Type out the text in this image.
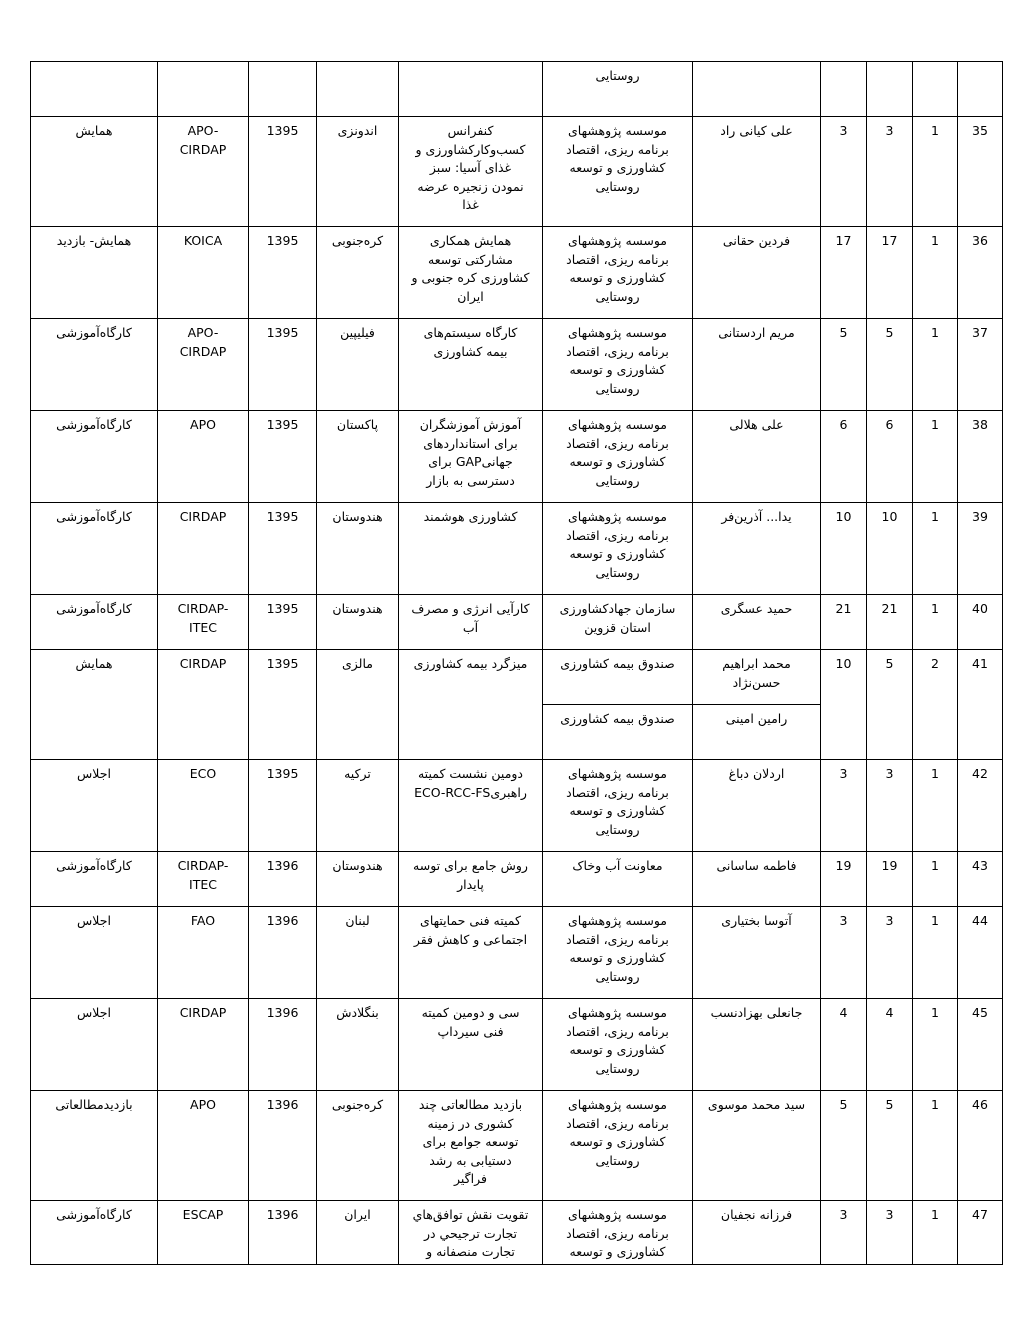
					روستایی					
35	1	3	3	علی کیانی راد	موسسه پژوهشهای
برنامه ریزی، اقتصاد
کشاورزی و توسعه
روستایی	کنفرانس
کسب‌وکارکشاورزی و
غذای آسیا: سبز
نمودن زنجیره عرضه
غذا	اندونزی	1395	APO-
CIRDAP	همایش
36	1	17	17	فردین حقانی	موسسه پژوهشهای
برنامه ریزی، اقتصاد
کشاورزی و توسعه
روستایی	همایش همکاری
مشارکتی توسعه
کشاورزی کره جنوبی و
ایران	کره‌جنوبی	1395	KOICA	همایش- بازدید
37	1	5	5	مریم اردستانی	موسسه پژوهشهای
برنامه ریزی، اقتصاد
کشاورزی و توسعه
روستایی	کارگاه سیستم‌های
بیمه کشاورزی	فیلیپین	1395	APO-
CIRDAP	کارگاه‌آموزشی
38	1	6	6	علی هلالی	موسسه پژوهشهای
برنامه ریزی، اقتصاد
کشاورزی و توسعه
روستایی	آموزش آموزشگران
برای استانداردهای
جهانیGAP برای
دسترسی به بازار	پاکستان	1395	APO	کارگاه‌آموزشی
39	1	10	10	یدا... آذرین‌فر	موسسه پژوهشهای
برنامه ریزی، اقتصاد
کشاورزی و توسعه
روستایی	کشاورزی هوشمند	هندوستان	1395	CIRDAP	کارگاه‌آموزشی
40	1	21	21	حمید عسگری	سازمان جهادکشاورزی
استان قزوین	کارآیی انرژی و مصرف
آب	هندوستان	1395	CIRDAP-
ITEC	کارگاه‌آموزشی
41	2	5	10	محمد ابراهیم
حسن‌نژاد	صندوق بیمه کشاورزی	میزگرد بیمه کشاورزی	مالزی	1395	CIRDAP	همایش
				رامین امینی	صندوق بیمه کشاورزی					
42	1	3	3	اردلان دباغ	موسسه پژوهشهای
برنامه ریزی، اقتصاد
کشاورزی و توسعه
روستایی	دومین نشست کمیته
راهبریECO-RCC-FS	ترکیه	1395	ECO	اجلاس
43	1	19	19	فاطمه ساسانی	معاونت آب وخاک	روش جامع برای توسه
پایدار	هندوستان	1396	CIRDAP-
ITEC	کارگاه‌آموزشی
44	1	3	3	آتوسا بختیاری	موسسه پژوهشهای
برنامه ریزی، اقتصاد
کشاورزی و توسعه
روستایی	کمیته فنی حمایتهای
اجتماعی و کاهش فقر	لبنان	1396	FAO	اجلاس
45	1	4	4	جانعلی بهزادنسب	موسسه پژوهشهای
برنامه ریزی، اقتصاد
کشاورزی و توسعه
روستایی	سی و دومین کمیته
فنی سیرداپ	بنگلادش	1396	CIRDAP	اجلاس
46	1	5	5	سید محمد موسوی	موسسه پژوهشهای
برنامه ریزی، اقتصاد
کشاورزی و توسعه
روستایی	بازدید مطالعاتی چند
کشوری در زمینه
توسعه جوامع برای
دستیابی به رشد
فراگیر	کره‌جنوبی	1396	APO	بازدیدمطالعاتی
47	1	3	3	فرزانه نجفیان	موسسه پژوهشهای
برنامه ریزی، اقتصاد
کشاورزی و توسعه	تقويت نقش توافق‌هاي
تجارت ترجيحي در
تجارت منصفانه و	ایران	1396	ESCAP	کارگاه‌آموزشی
